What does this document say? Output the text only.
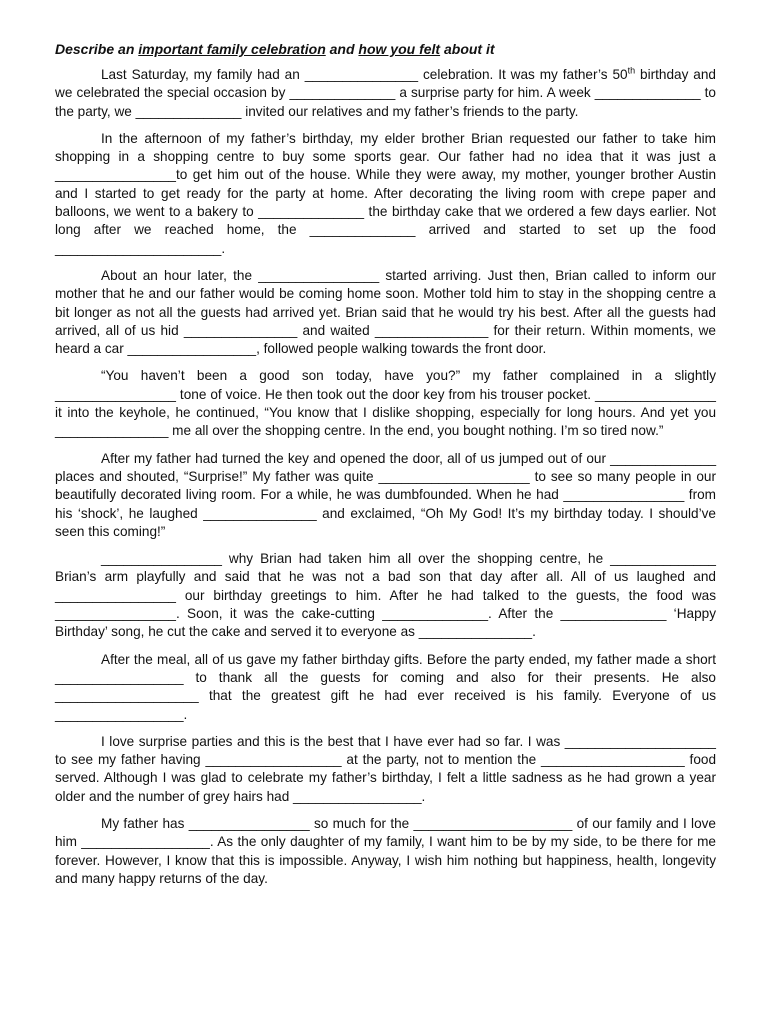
Describe an important family celebration and how you felt about it

Last Saturday, my family had an _______________ celebration. It was my father’s 50th birthday and we celebrated the special occasion by ______________ a surprise party for him. A week ______________ to the party, we ______________ invited our relatives and my father’s friends to the party.

In the afternoon of my father’s birthday, my elder brother Brian requested our father to take him shopping in a shopping centre to buy some sports gear. Our father had no idea that it was just a ________________to get him out of the house. While they were away, my mother, younger brother Austin and I started to get ready for the party at home. After decorating the living room with crepe paper and balloons, we went to a bakery to ______________ the birthday cake that we ordered a few days earlier. Not long after we reached home, the ______________ arrived and started to set up the food ______________________.

About an hour later, the ________________ started arriving. Just then, Brian called to inform our mother that he and our father would be coming home soon. Mother told him to stay in the shopping centre a bit longer as not all the guests had arrived yet. Brian said that he would try his best. After all the guests had arrived, all of us hid _______________ and waited _______________ for their return. Within moments, we heard a car _________________, followed people walking towards the front door.

“You haven’t been a good son today, have you?” my father complained in a slightly ________________ tone of voice. He then took out the door key from his trouser pocket. ________________ it into the keyhole, he continued, “You know that I dislike shopping, especially for long hours. And yet you _______________ me all over the shopping centre. In the end, you bought nothing. I’m so tired now.”

After my father had turned the key and opened the door, all of us jumped out of our ______________ places and shouted, “Surprise!” My father was quite ____________________ to see so many people in our beautifully decorated living room. For a while, he was dumbfounded. When he had ________________ from his ‘shock’, he laughed _______________ and exclaimed, “Oh My God! It’s my birthday today. I should’ve seen this coming!”

________________ why Brian had taken him all over the shopping centre, he ______________ Brian’s arm playfully and said that he was not a bad son that day after all. All of us laughed and ________________ our birthday greetings to him. After he had talked to the guests, the food was ________________. Soon, it was the cake-cutting ______________. After the ______________ ‘Happy Birthday’ song, he cut the cake and served it to everyone as _______________.

After the meal, all of us gave my father birthday gifts. Before the party ended, my father made a short _________________ to thank all the guests for coming and also for their presents. He also ___________________ that the greatest gift he had ever received is his family. Everyone of us _________________.

I love surprise parties and this is the best that I have ever had so far. I was ____________________ to see my father having __________________ at the party, not to mention the ___________________ food served. Although I was glad to celebrate my father’s birthday, I felt a little sadness as he had grown a year older and the number of grey hairs had _________________.

My father has ________________ so much for the _____________________ of our family and I love him _________________. As the only daughter of my family, I want him to be by my side, to be there for me forever. However, I know that this is impossible. Anyway, I wish him nothing but happiness, health, longevity and many happy returns of the day.
